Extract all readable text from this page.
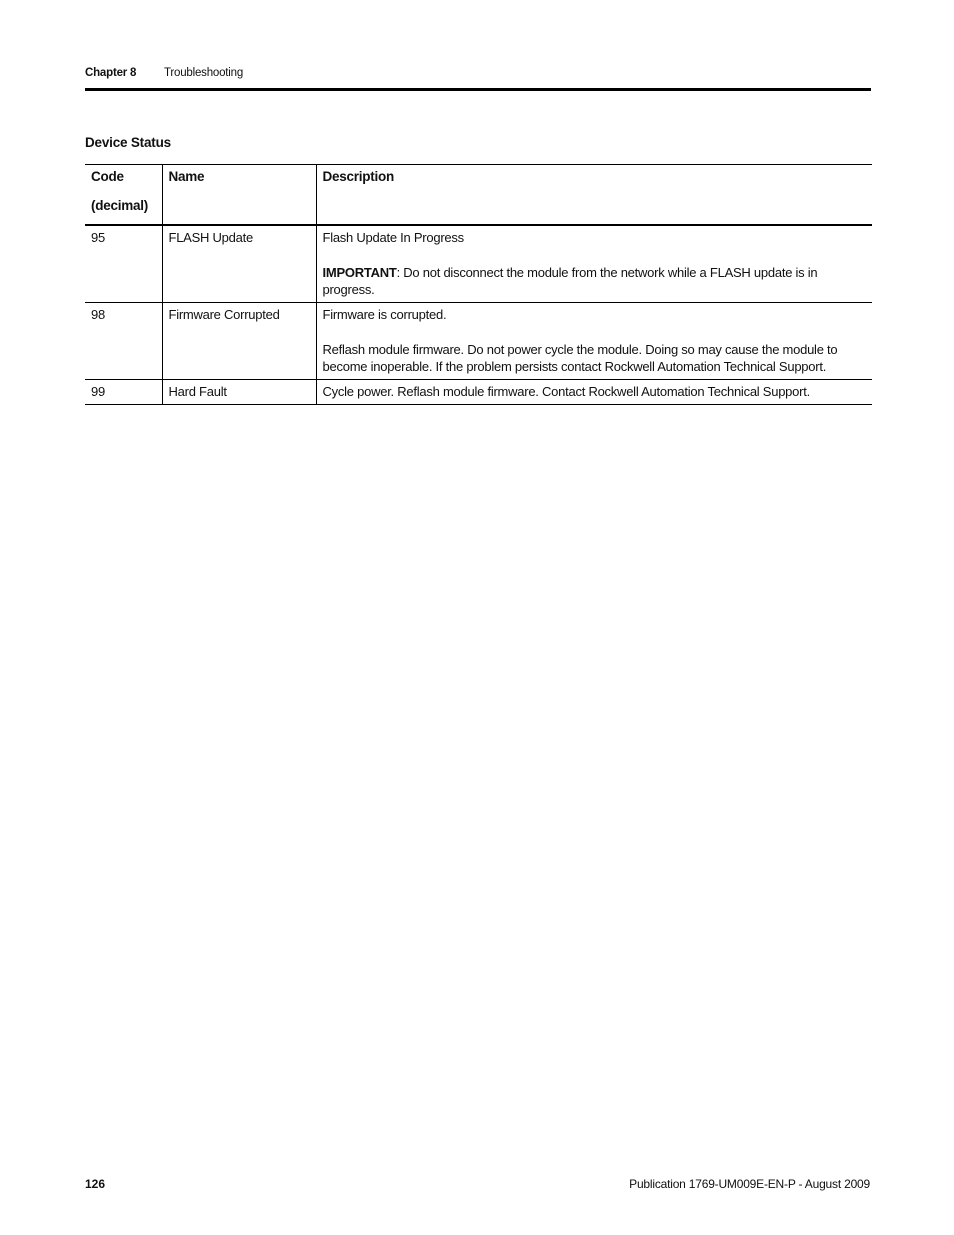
Chapter 8 Troubleshooting
Device Status
Code
(decimal)	Name	Description
95	FLASH Update	Flash Update In Progress
IMPORTANT: Do not disconnect the module from the network while a FLASH update is in progress.

98	Firmware Corrupted	Firmware is corrupted.
Reflash module firmware. Do not power cycle the module. Doing so may cause the module to become inoperable. If the problem persists contact Rockwell Automation Technical Support.

99	Hard Fault	Cycle power. Reflash module firmware. Contact Rockwell Automation Technical Support.
126	Publication 1769-UM009E-EN-P - August 2009
